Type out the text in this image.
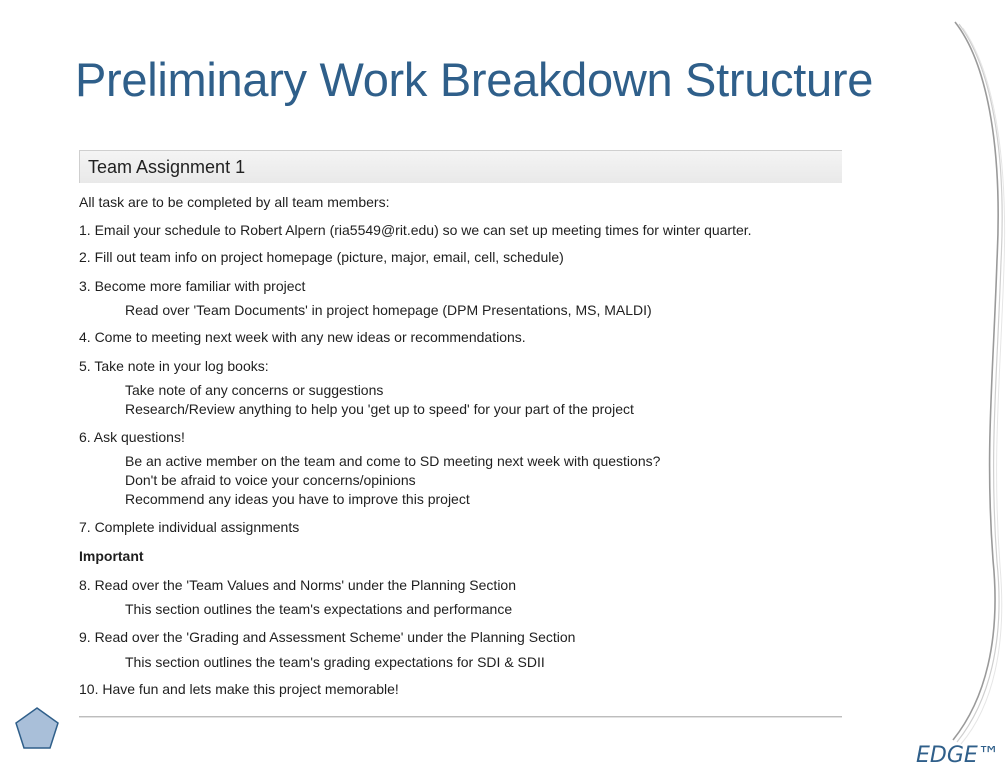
Preliminary Work Breakdown Structure
Team Assignment 1
All task are to be completed by all team members:
1. Email your schedule to Robert Alpern (ria5549@rit.edu) so we can set up meeting times for winter quarter.
2. Fill out team info on project homepage (picture, major, email, cell, schedule)
3. Become more familiar with project
Read over 'Team Documents' in project homepage (DPM Presentations, MS, MALDI)
4. Come to meeting next week with any new ideas or recommendations.
5. Take note in your log books:
Take note of any concerns or suggestions
Research/Review anything to help you 'get up to speed' for your part of the project
6. Ask questions!
Be an active member on the team and come to SD meeting next week with questions?
Don't be afraid to voice your concerns/opinions
Recommend any ideas you have to improve this project
7. Complete individual assignments
Important
8. Read over the 'Team Values and Norms' under the Planning Section
This section outlines the team's expectations and performance
9. Read over the 'Grading and Assessment Scheme' under the Planning Section
This section outlines the team's grading expectations for SDI & SDII
10. Have fun and lets make this project memorable!
EDGE™
